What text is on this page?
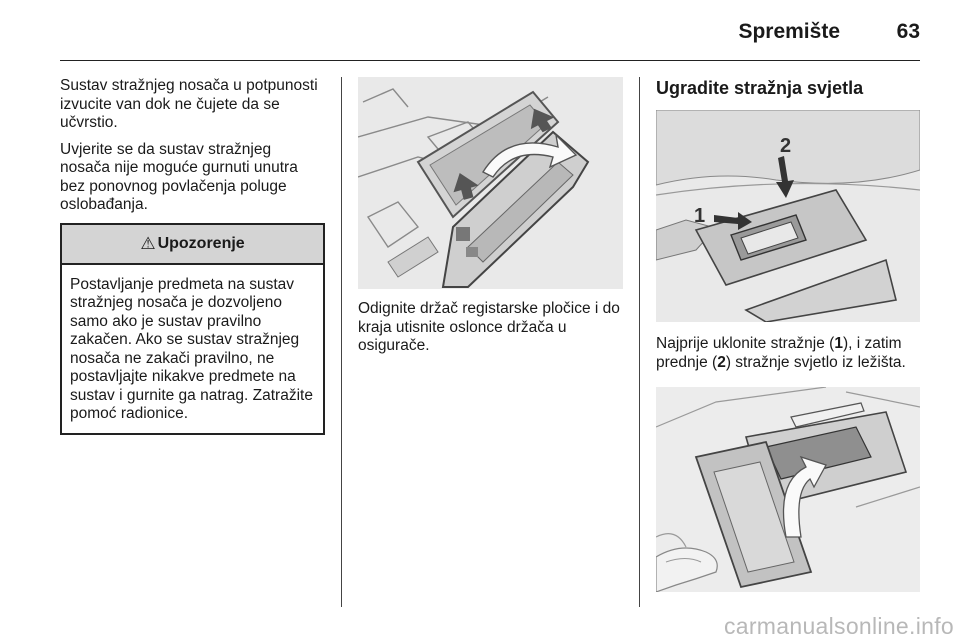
Spremište	63

Sustav stražnjeg nosača u potpunosti izvucite van dok ne čujete da se učvrstio.

Uvjerite se da sustav stražnjeg nosača nije moguće gurnuti unutra bez ponovnog povlačenja poluge oslobađanja.

⚠ Upozorenje
Postavljanje predmeta na sustav stražnjeg nosača je dozvoljeno samo ako je sustav pravilno zakačen. Ako se sustav stražnjeg nosača ne zakači pravilno, ne postavljajte nikakve predmete na sustav i gurnite ga natrag. Zatražite pomoć radionice.

Odignite držač registarske pločice i do kraja utisnite oslonce držača u osigurače.

Ugradite stražnja svjetla
1
2

Najprije uklonite stražnje (1), i zatim prednje (2) stražnje svjetlo iz ležišta.

carmanualsonline.info
